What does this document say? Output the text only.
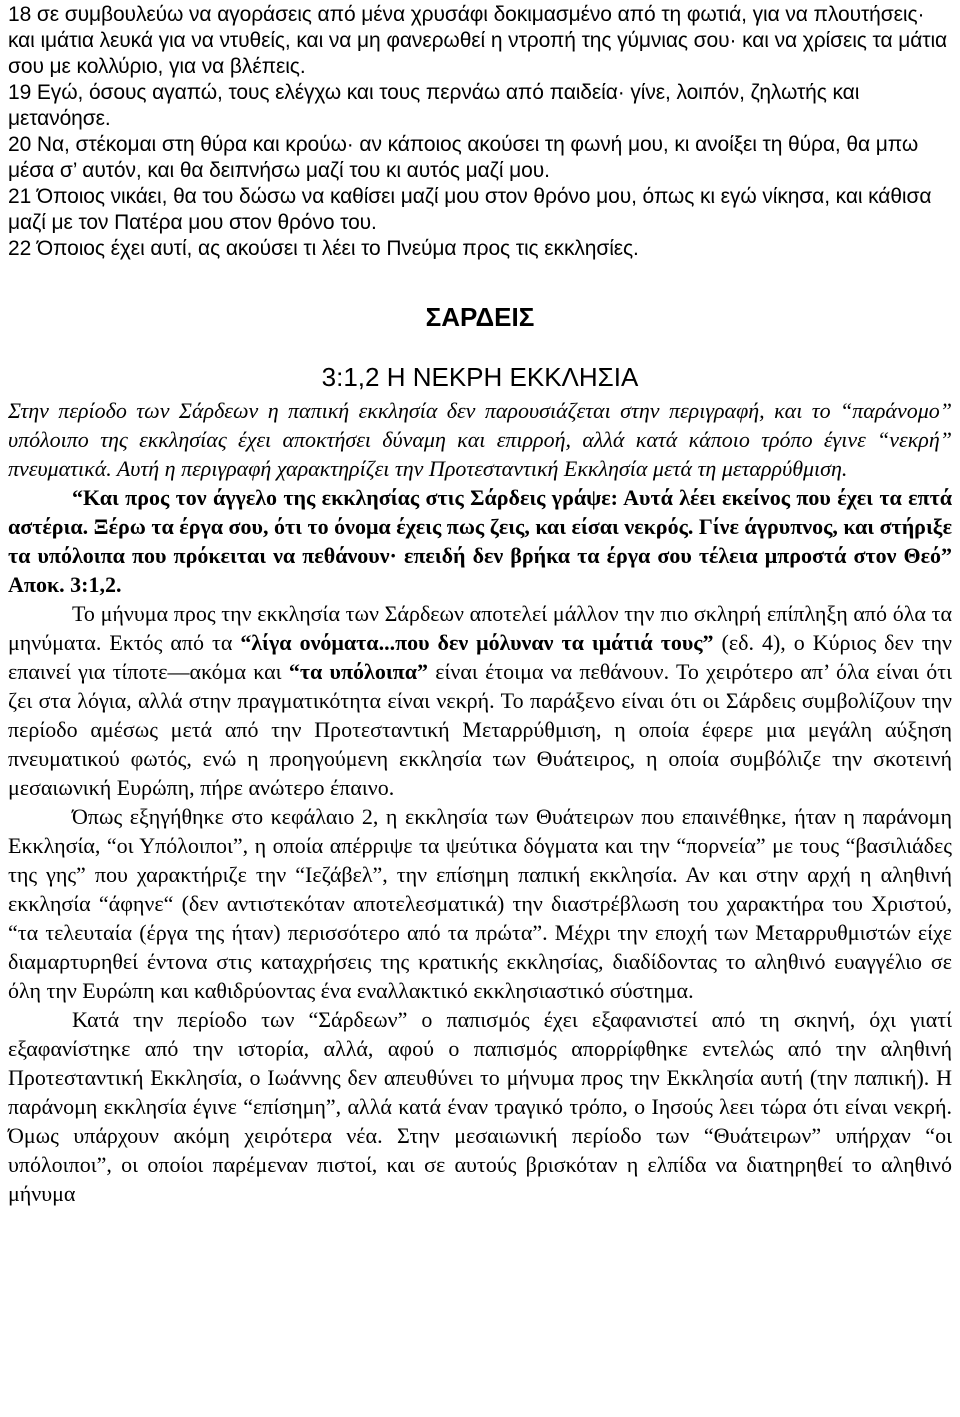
18 σε συμβουλεύω να αγοράσεις από μένα χρυσάφι δοκιμασμένο από τη φωτιά, για να πλουτήσεις· και ιμάτια λευκά για να ντυθείς, και να μη φανερωθεί η ντροπή της γύμνιας σου· και να χρίσεις τα μάτια σου με κολλύριο, για να βλέπεις.

19 Εγώ, όσους αγαπώ, τους ελέγχω και τους περνάω από παιδεία· γίνε, λοιπόν, ζηλωτής και μετανόησε.

20 Να, στέκομαι στη θύρα και κρούω· αν κάποιος ακούσει τη φωνή μου, κι ανοίξει τη θύρα, θα μπω μέσα σ’ αυτόν, και θα δειπνήσω μαζί του κι αυτός μαζί μου.

21 Όποιος νικάει, θα του δώσω να καθίσει μαζί μου στον θρόνο μου, όπως κι εγώ νίκησα, και κάθισα μαζί με τον Πατέρα μου στον θρόνο του.

22 Όποιος έχει αυτί, ας ακούσει τι λέει το Πνεύμα προς τις εκκλησίες.

ΣΑΡΔΕΙΣ
3:1,2 Η ΝΕΚΡΗ ΕΚΚΛΗΣΙΑ

Στην περίοδο των Σάρδεων η παπική εκκλησία δεν παρουσιάζεται στην περιγραφή, και το “παράνομο” υπόλοιπο της εκκλησίας έχει αποκτήσει δύναμη και επιρροή, αλλά κατά κάποιο τρόπο έγινε “νεκρή” πνευματικά. Αυτή η περιγραφή χαρακτηρίζει την Προτεσταντική Εκκλησία μετά τη μεταρρύθμιση.

“Και προς τον άγγελο της εκκλησίας στις Σάρδεις γράψε: Αυτά λέει εκείνος που έχει τα επτά αστέρια. Ξέρω τα έργα σου, ότι το όνομα έχεις πως ζεις, και είσαι νεκρός. Γίνε άγρυπνος, και στήριξε τα υπόλοιπα που πρόκειται να πεθάνουν· επειδή δεν βρήκα τα έργα σου τέλεια μπροστά στον Θεό” Αποκ. 3:1,2.

Το μήνυμα προς την εκκλησία των Σάρδεων αποτελεί μάλλον την πιο σκληρή επίπληξη από όλα τα μηνύματα. Εκτός από τα “λίγα ονόματα...που δεν μόλυναν τα ιμάτιά τους” (εδ. 4), ο Κύριος δεν την επαινεί για τίποτε—ακόμα και “τα υπόλοιπα” είναι έτοιμα να πεθάνουν. Το χειρότερο απ’ όλα είναι ότι ζει στα λόγια, αλλά στην πραγματικότητα είναι νεκρή. Το παράξενο είναι ότι οι Σάρδεις συμβολίζουν την περίοδο αμέσως μετά από την Προτεσταντική Μεταρρύθμιση, η οποία έφερε μια μεγάλη αύξηση πνευματικού φωτός, ενώ η προηγούμενη εκκλησία των Θυάτειρος, η οποία συμβόλιζε την σκοτεινή μεσαιωνική Ευρώπη, πήρε ανώτερο έπαινο.

Όπως εξηγήθηκε στο κεφάλαιο 2, η εκκλησία των Θυάτειρων που επαινέθηκε, ήταν η παράνομη Εκκλησία, “οι Υπόλοιποι”, η οποία απέρριψε τα ψεύτικα δόγματα και την “πορνεία” με τους “βασιλιάδες της γης” που χαρακτήριζε την “Ιεζάβελ”, την επίσημη παπική εκκλησία. Αν και στην αρχή η αληθινή εκκλησία “άφηνε“ (δεν αντιστεκόταν αποτελεσματικά) την διαστρέβλωση του χαρακτήρα του Χριστού, “τα τελευταία (έργα της ήταν) περισσότερο από τα πρώτα”. Μέχρι την εποχή των Μεταρρυθμιστών είχε διαμαρτυρηθεί έντονα στις καταχρήσεις της κρατικής εκκλησίας, διαδίδοντας το αληθινό ευαγγέλιο σε όλη την Ευρώπη και καθιδρύοντας ένα εναλλακτικό εκκλησιαστικό σύστημα.

Κατά την περίοδο των “Σάρδεων” ο παπισμός έχει εξαφανιστεί από τη σκηνή, όχι γιατί εξαφανίστηκε από την ιστορία, αλλά, αφού ο παπισμός απορρίφθηκε εντελώς από την αληθινή Προτεσταντική Εκκλησία, ο Ιωάννης δεν απευθύνει το μήνυμα προς την Εκκλησία αυτή (την παπική). Η παράνομη εκκλησία έγινε “επίσημη”, αλλά κατά έναν τραγικό τρόπο, ο Ιησούς λεει τώρα ότι είναι νεκρή. Όμως υπάρχουν ακόμη χειρότερα νέα. Στην μεσαιωνική περίοδο των “Θυάτειρων” υπήρχαν “οι υπόλοιποι”, οι οποίοι παρέμεναν πιστοί, και σε αυτούς βρισκόταν η ελπίδα να διατηρηθεί το αληθινό μήνυμα
